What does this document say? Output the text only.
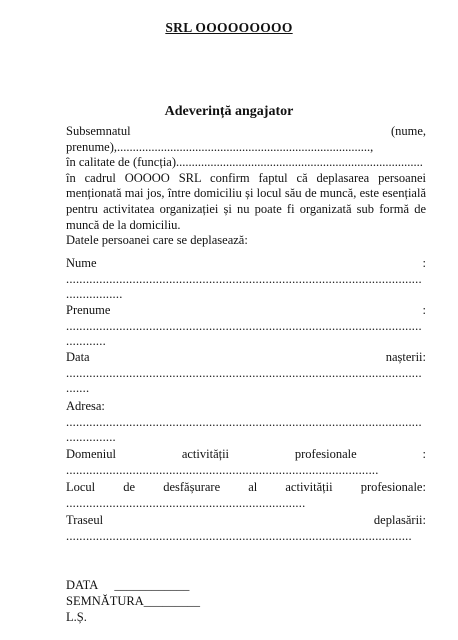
SRL OOOOOOOOO
Adeverință angajator
Subsemnatul	(nume,
prenume),.................................................................................,
în calitate de (funcția)...............................................................................
în cadrul OOOOO SRL confirm faptul că deplasarea persoanei menționată mai jos, între domiciliu și locul său de muncă, este esențială pentru activitatea organizației și nu poate fi organizată sub formă de muncă de la domiciliu.
Datele persoanei care se deplasează:
Nume	:
...........................................................................................................
.................
Prenume	:
...........................................................................................................
............
Data	nașterii:
...........................................................................................................
.......
Adresa:
...........................................................................................................
...............
Domeniul	activității	profesionale	:
..............................................................................................
Locul de desfășurare al activității profesionale:
........................................................................
Traseul	deplasării:
........................................................................................................
DATA ____________
SEMNĂTURA_________
L.Ș.
